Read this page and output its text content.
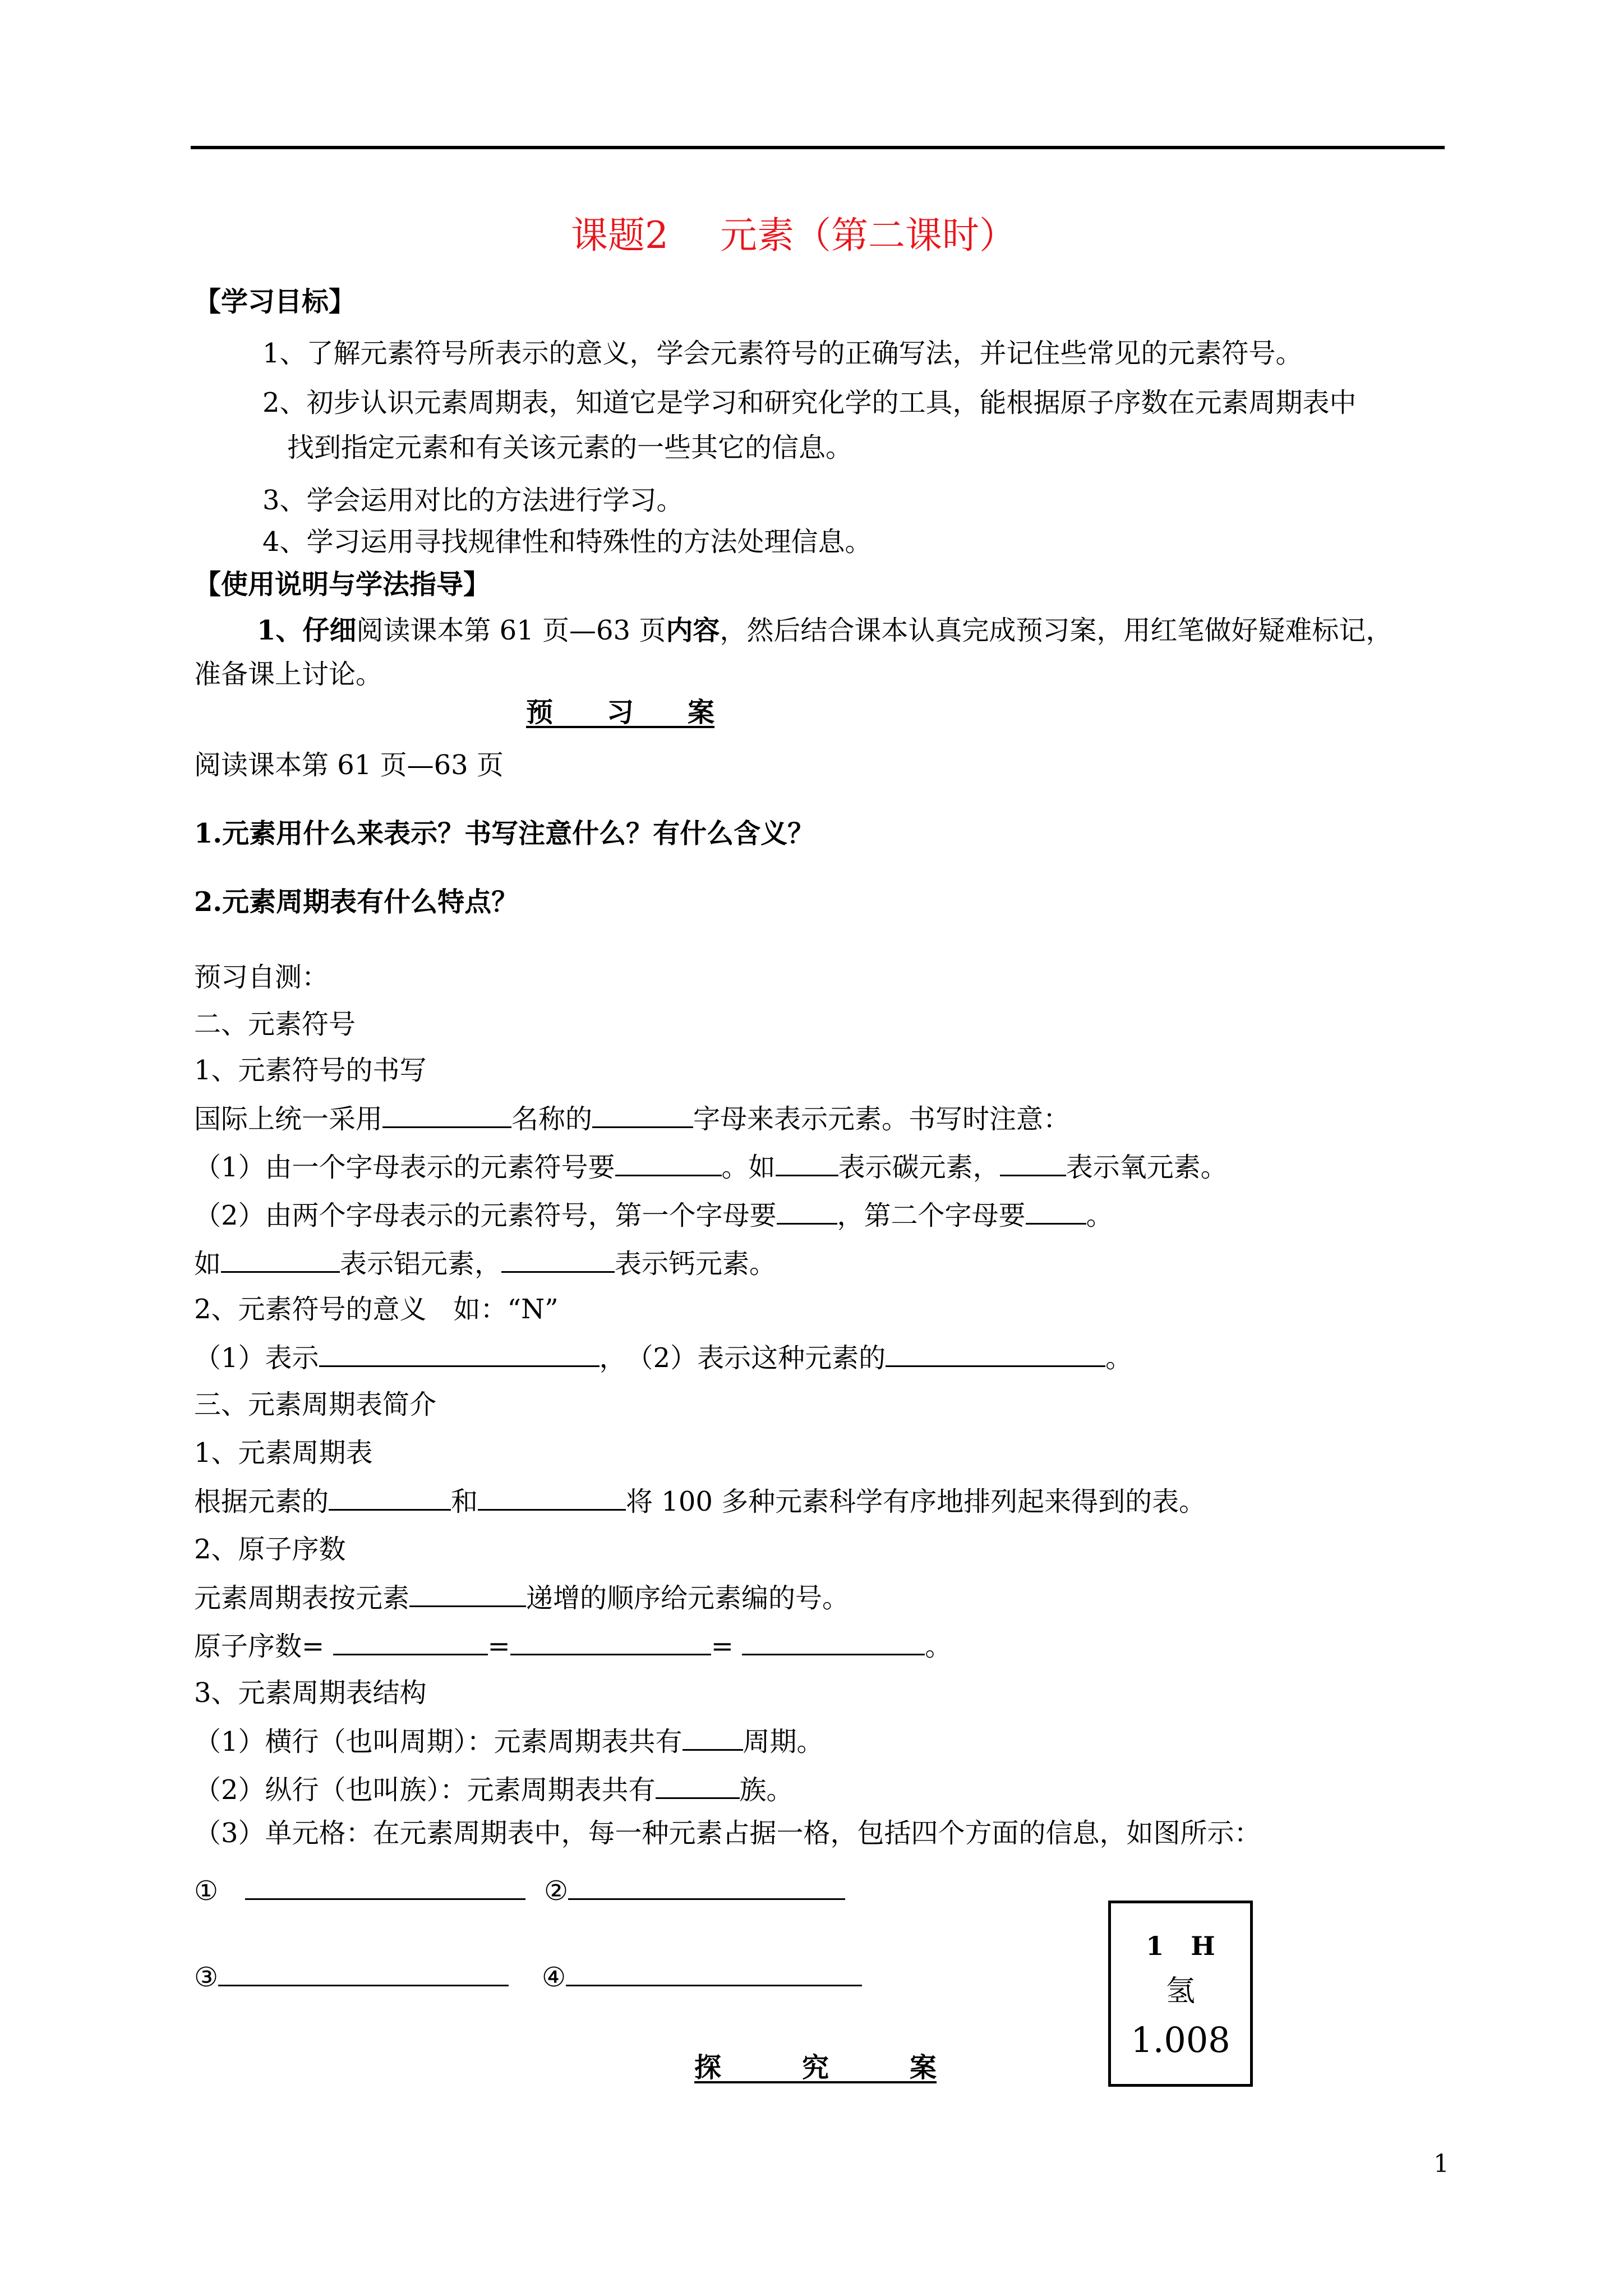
课题2 元素（第二课时）
【学习目标】
1、了解元素符号所表示的意义，学会元素符号的正确写法，并记住些常见的元素符号。
2、初步认识元素周期表，知道它是学习和研究化学的工具，能根据原子序数在元素周期表中
找到指定元素和有关该元素的一些其它的信息。
3、学会运用对比的方法进行学习。
4、学习运用寻找规律性和特殊性的方法处理信息。
【使用说明与学法指导】
1、仔细阅读课本第 61 页—63 页内容，然后结合课本认真完成预习案，用红笔做好疑难标记，
准备课上讨论。
预　　习　　案
阅读课本第 61 页—63 页
1.元素用什么来表示？书写注意什么？有什么含义？
2.元素周期表有什么特点？
预习自测：
二、元素符号
1、元素符号的书写
国际上统一采用	名称的	字母来表示元素。书写时注意：
（1）由一个字母表示的元素符号要	。如 表示碳元素， 表示氧元素。
（2）由两个字母表示的元素符号，第一个字母要 ，第二个字母要 。
如	表示铝元素，	表示钙元素。
2、元素符号的意义　如：“N”
（1）表示	，　（2）表示这种元素的	。
三、元素周期表简介
1、元素周期表
根据元素的	和	将 100 多种元素科学有序地排列起来得到的表。
2、原子序数
元素周期表按元素	递增的顺序给元素编的号。
原子序数=	=	=	。
3、元素周期表结构
（1）横行（也叫周期）：元素周期表共有 周期。
（2）纵行（也叫族）：元素周期表共有	族。
（3）单元格：在元素周期表中，每一种元素占据一格，包括四个方面的信息，如图所示：
①　	②
③	④
1 H
氢
1.008
探　　　究　　　案
1
